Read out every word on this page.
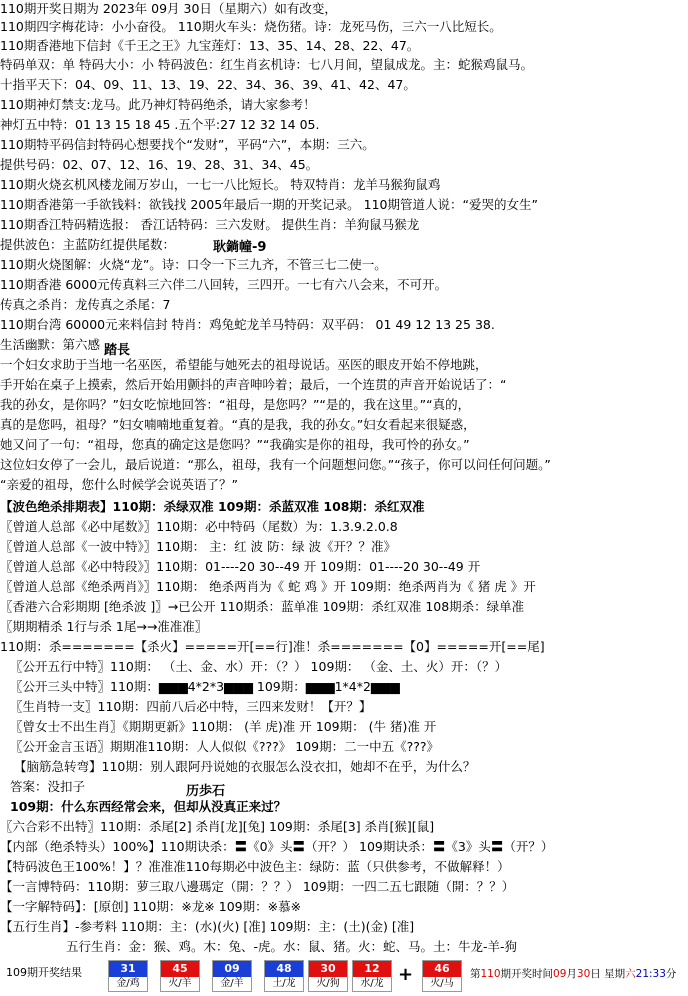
110期开奖日期为 2023年 09月 30日（星期六）如有改变，
110期四字梅花诗：小小奋役。 110期火车头：烧伤猪。诗：龙死马伤，三六一八比短长。
110期香港地下信封《千王之王》九宝莲灯：13、35、14、28、22、47。
特码单双：单 特码大小：小 特码波色：红生肖玄机诗：七八月间，望鼠成龙。主：蛇猴鸡鼠马。
十指平天下：04、09、11、13、19、22、34、36、39、41、42、47。
110期神灯禁支:龙马。此乃神灯特码绝杀，请大家参考！
神灯五中特：01 13 15 18 45 .五个平:27 12 32 14 05.
110期特平码信封特码心想要找个“发财”，平码“六”，本期：三六。
提供号码：02、07、12、16、19、28、31、34、45。
110期火烧玄机风楼龙闹万岁山，一七一八比短长。 特双特肖：龙羊马猴狗鼠鸡
110期香港第一手欲钱料：欲钱找 2005年最后一期的开奖记录。 110期管道人说：“爱哭的女生”
110期香江特码精选报： 香江话特码：三六发财。 提供生肖：羊狗鼠马猴龙
提供波色：主蓝防红提供尾数：
110期火烧图解：火烧“龙”。诗：口令一下三九齐，不管三七二使一。
110期香港 6000元传真料三六伴二八回转，三四开。一七有六八会来，不可开。
传真之杀肖：龙传真之杀尾：7
110期台湾 60000元来料信封 特肖：鸡兔蛇龙羊马特码：双平码： 01 49 12 13 25 38.
生活幽默：第六感
一个妇女求助于当地一名巫医，希望能与她死去的祖母说话。巫医的眼皮开始不停地跳，
手开始在桌子上摸索，然后开始用颤抖的声音呻吟着；最后，一个连贯的声音开始说话了：“
我的孙女，是你吗？”妇女吃惊地回答：“祖母，是您吗？”“是的，我在这里。”“真的，
真的是您吗，祖母？”妇女喃喃地重复着。“真的是我，我的孙女。”妇女看起来很疑惑，
她又问了一句：“祖母，您真的确定这是您吗？”“我确实是你的祖母，我可怜的孙女。”
这位妇女停了一会儿，最后说道：“那么，祖母，我有一个问题想问您。”“孩子，你可以问任何问题。”
“亲爱的祖母，您什么时候学会说英语了？”
【波色绝杀排期表】110期：杀绿双准 109期：杀蓝双准 108期：杀红双准
〖曾道人总部《必中尾数》〗110期：必中特码（尾数）为：1.3.9.2.0.8
〖曾道人总部《一波中特》〗110期： 主：红 波 防：绿 波《开？？准》
〖曾道人总部《必中特段》〗110期：01----20 30--49 开 109期：01----20 30--49 开
〖曾道人总部《绝杀两肖》〗110期： 绝杀两肖为《 蛇 鸡 》开 109期：绝杀两肖为《 猪 虎 》开
〖香港六合彩期期 [绝杀波 ]〗→已公开 110期杀：蓝单准 109期：杀红双准 108期杀：绿单准
〖期期精杀 1行与杀 1尾→→准准准〗
110期：杀=======【杀火】=====开[==行]准！杀=======【0】=====开[==尾]
〖公开五行中特〗110期： （土、金、水）开：（？） 109期： （金、土、火）开：（？）
〖公开三头中特〗110期：▆▆▆4*2*3▆▆▆ 109期：▆▆▆1*4*2▆▆▆
〖生肖特一支〗110期：四前八后必中特，三四来发财！【开？】
〖曾女士不出生肖〗《期期更新》110期： (羊 虎)准 开 109期： (牛 猪)准 开
〖公开金言玉语〗期期准110期：人人似似《???》 109期：二一中五《???》
【脑筋急转弯】110期：别人跟阿丹说她的衣服怎么没衣扣，她却不在乎，为什么？
答案：没扣子
109期：什么东西经常会来，但却从没真正来过？
〖六合彩不出特〗110期：杀尾[2] 杀肖[龙][兔] 109期：杀尾[3] 杀肖[猴][鼠]
【内部（绝杀特头）100%】110期诀杀：〓《0》头〓（开？） 109期诀杀：〓《3》头〓（开？）
【特码波色王100%！】？准准准110每期必中波色主：绿防：蓝（只供参考，不做解释！）
【一言博特码：110期：萝三取八邊瑪定（開：？？） 109期：一四二五七跟随（開：？？）
【一字解特码】：[原创] 110期：※龙※ 109期：※慕※
【五行生肖】-参考料 110期：主：(水)(火) [准] 109期：主：(土)(金) [准]
五行生肖：金：猴、鸡。木：兔、-虎。水：鼠、猪。火：蛇、马。土：牛龙-羊-狗
耿鋿幢-9
踏長
历歩石
109期开奖结果	31
金/鸡
45
火/羊
09
金/羊
48
土/龙
30
火/狗
12
水/龙 +	46
火/马
第110期开奖时间09月30日 星期六21:33分
